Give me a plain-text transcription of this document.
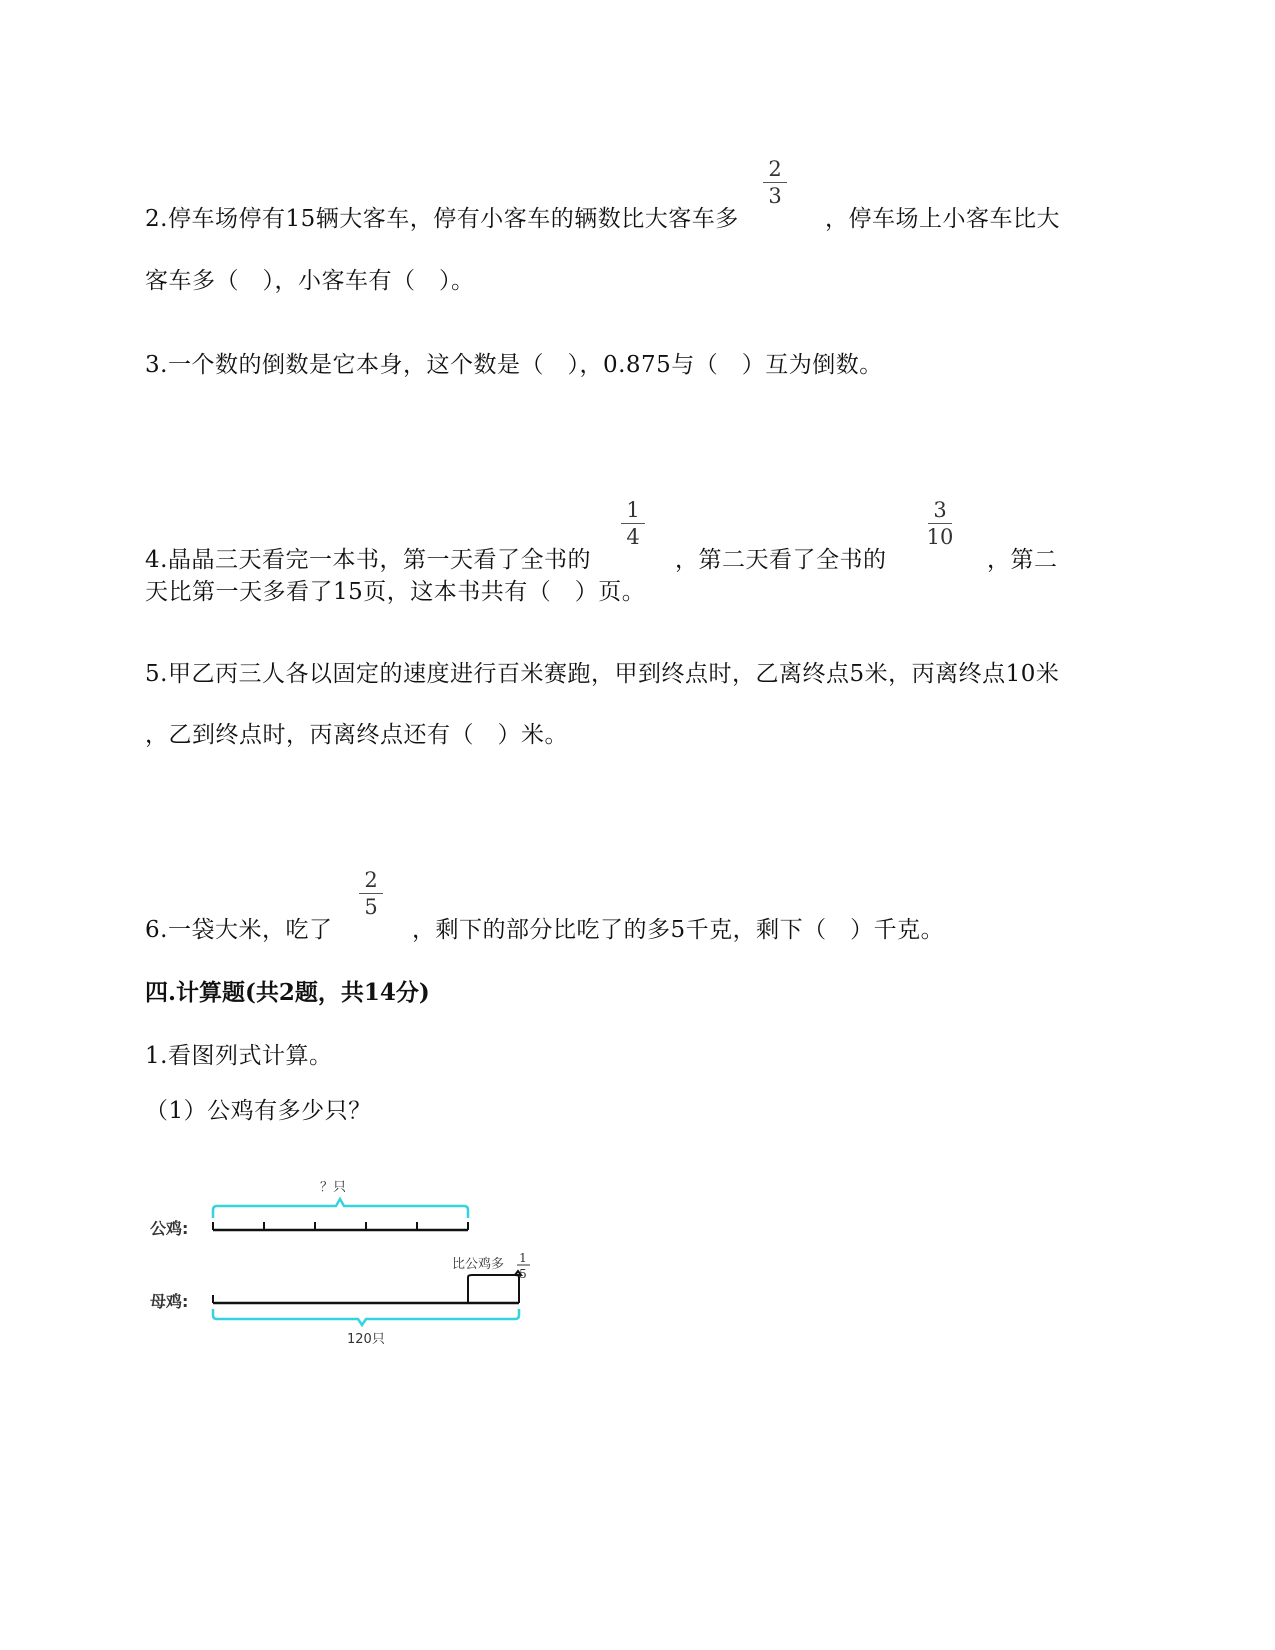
2.停车场停有15辆大客车，停有小客车的辆数比大客车多
2
3
，停车场上小客车比大
客车多（　），小客车有（　）。
3.一个数的倒数是它本身，这个数是（　），0.875与（　）互为倒数。
4.晶晶三天看完一本书，第一天看了全书的
1
4
，第二天看了全书的
3
10
，第二
天比第一天多看了15页，这本书共有（　）页。
5.甲乙丙三人各以固定的速度进行百米赛跑，甲到终点时，乙离终点5米，丙离终点10米
，乙到终点时，丙离终点还有（　）米。
6.一袋大米，吃了
2
5
，剩下的部分比吃了的多5千克，剩下（　）千克。
四.计算题(共2题，共14分)
1.看图列式计算。
（1）公鸡有多少只？
公鸡:
？只
比公鸡多 1
5
母鸡:
120只
